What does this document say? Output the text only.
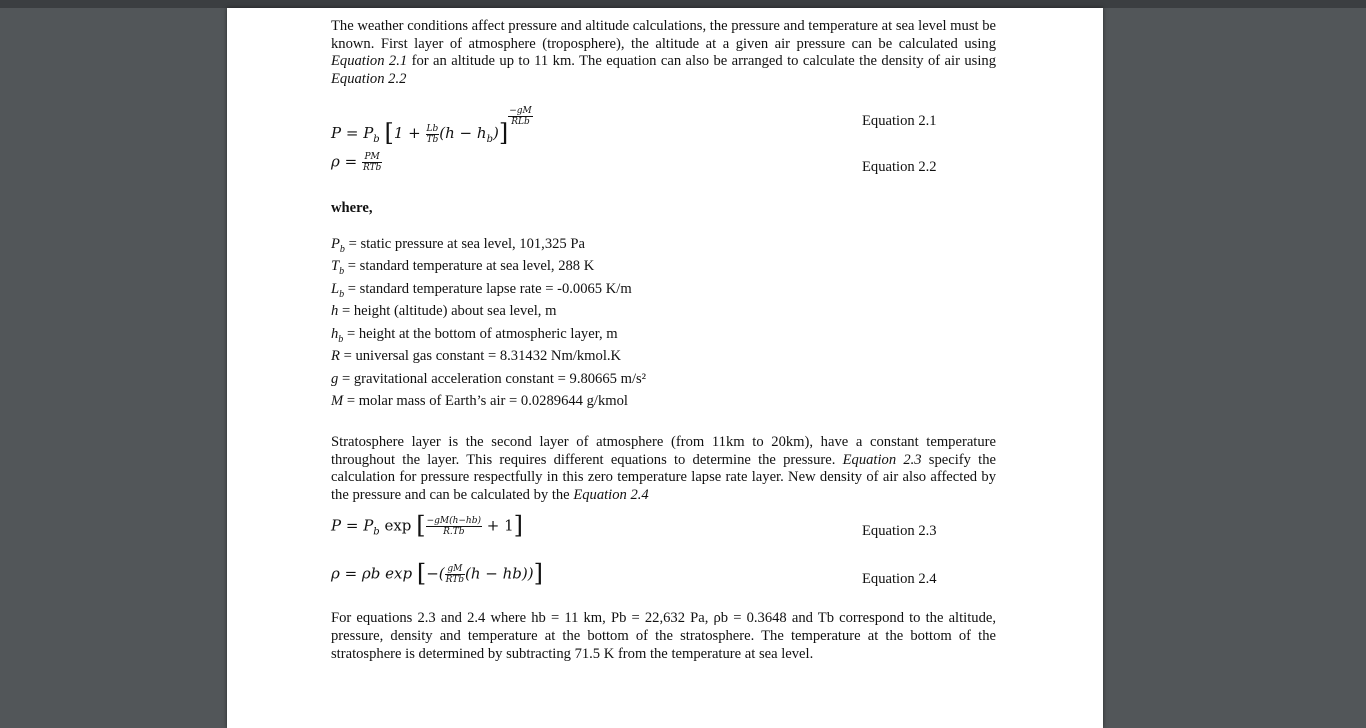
The weather conditions affect pressure and altitude calculations, the pressure and temperature at sea level must be known. First layer of atmosphere (troposphere), the altitude at a given air pressure can be calculated using Equation 2.1 for an altitude up to 11 km. The equation can also be arranged to calculate the density of air using Equation 2.2

$P = P_b$ $[1 + \frac{Lb}{Tb} (h - h_b)]$
$\frac{-gM}{\text{RLb}}$	Equation 2.1
$\rho = \frac{PM}{\text{RTb}}$	Equation 2.2

where,

$P_b$ = static pressure at sea level, 101,325 Pa
$T_b$ = standard temperature at sea level, 288 K
$L_b$ = standard temperature lapse rate = -0.0065 K/m
h = height (altitude) about sea level, m
$h_b$ = height at the bottom of atmospheric layer, m
R = universal gas constant = 8.31432 Nm/kmol.K
g = gravitational acceleration constant = 9.80665 m/s²
M = molar mass of Earth’s air = 0.0289644 g/kmol

Stratosphere layer is the second layer of atmosphere (from 11km to 20km), have a constant temperature throughout the layer. This requires different equations to determine the pressure. Equation 2.3 specify the calculation for pressure respectfully in this zero temperature lapse rate layer. New density of air also affected by the pressure and can be calculated by the Equation 2.4

$P = P_b$ exp [ $\frac{-gM(h-hb)}{R.Tb} + 1$]	Equation 2.3
ρ = ρb exp [−( $\frac{gM}{\text{RTb}} (h - hb)$)]	Equation 2.4

For equations 2.3 and 2.4 where hb = 11 km, Pb = 22,632 Pa, ρb = 0.3648 and Tb correspond to the altitude, pressure, density and temperature at the bottom of the stratosphere. The temperature at the bottom of the stratosphere is determined by subtracting 71.5 K from the temperature at sea level.
